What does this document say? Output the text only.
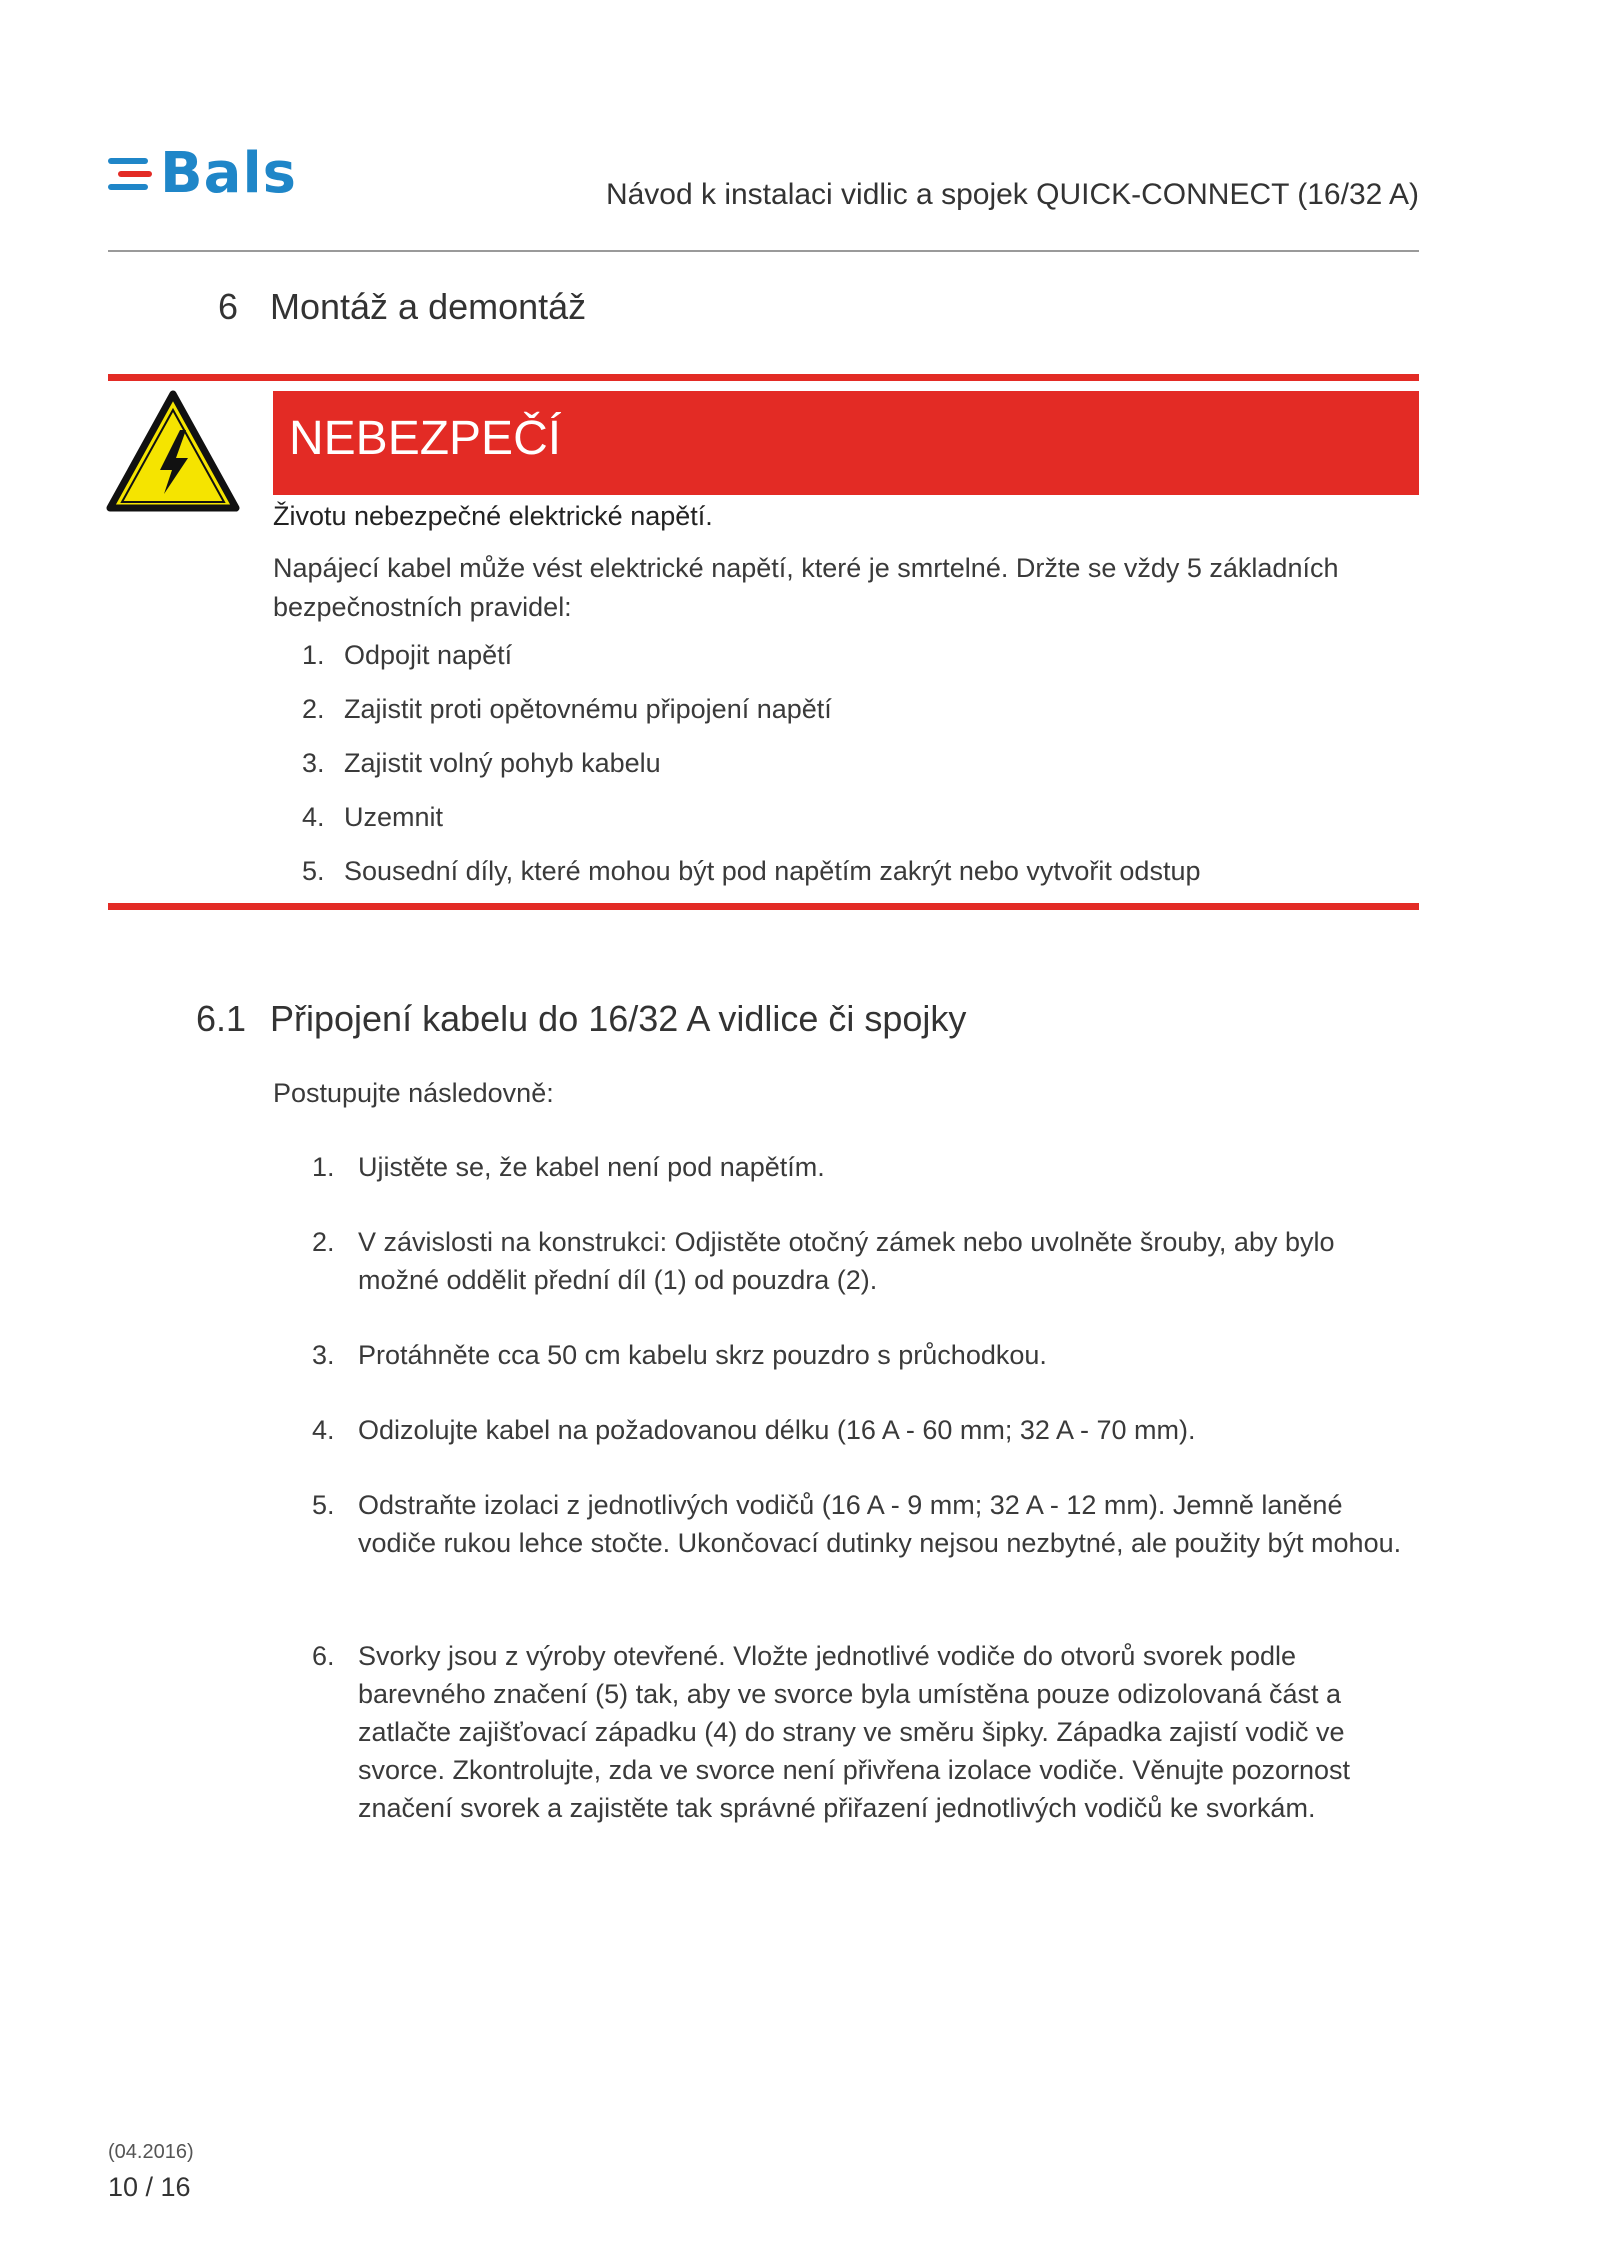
Bals	Návod k instalaci vidlic a spojek QUICK-CONNECT (16/32 A)
6 Montáž a demontáž
NEBEZPEČÍ
Životu nebezpečné elektrické napětí.
Napájecí kabel může vést elektrické napětí, které je smrtelné. Držte se vždy 5 základních bezpečnostních pravidel:
1. Odpojit napětí
2. Zajistit proti opětovnému připojení napětí
3. Zajistit volný pohyb kabelu
4. Uzemnit
5. Sousední díly, které mohou být pod napětím zakrýt nebo vytvořit odstup
6.1 Připojení kabelu do 16/32 A vidlice či spojky
Postupujte následovně:
1. Ujistěte se, že kabel není pod napětím.
2. V závislosti na konstrukci: Odjistěte otočný zámek nebo uvolněte šrouby, aby bylo možné oddělit přední díl (1) od pouzdra (2).
3. Protáhněte cca 50 cm kabelu skrz pouzdro s průchodkou.
4. Odizolujte kabel na požadovanou délku (16 A - 60 mm; 32 A - 70 mm).
5. Odstraňte izolaci z jednotlivých vodičů (16 A - 9 mm; 32 A - 12 mm). Jemně laněné vodiče rukou lehce stočte. Ukončovací dutinky nejsou nezbytné, ale použity být mohou.
6. Svorky jsou z výroby otevřené. Vložte jednotlivé vodiče do otvorů svorek podle barevného značení (5) tak, aby ve svorce byla umístěna pouze odizolovaná část a zatlačte zajišťovací západku (4) do strany ve směru šipky. Západka zajistí vodič ve svorce. Zkontrolujte, zda ve svorce není přivřena izolace vodiče. Věnujte pozornost značení svorek a zajistěte tak správné přiřazení jednotlivých vodičů ke svorkám.
(04.2016)
10 / 16
